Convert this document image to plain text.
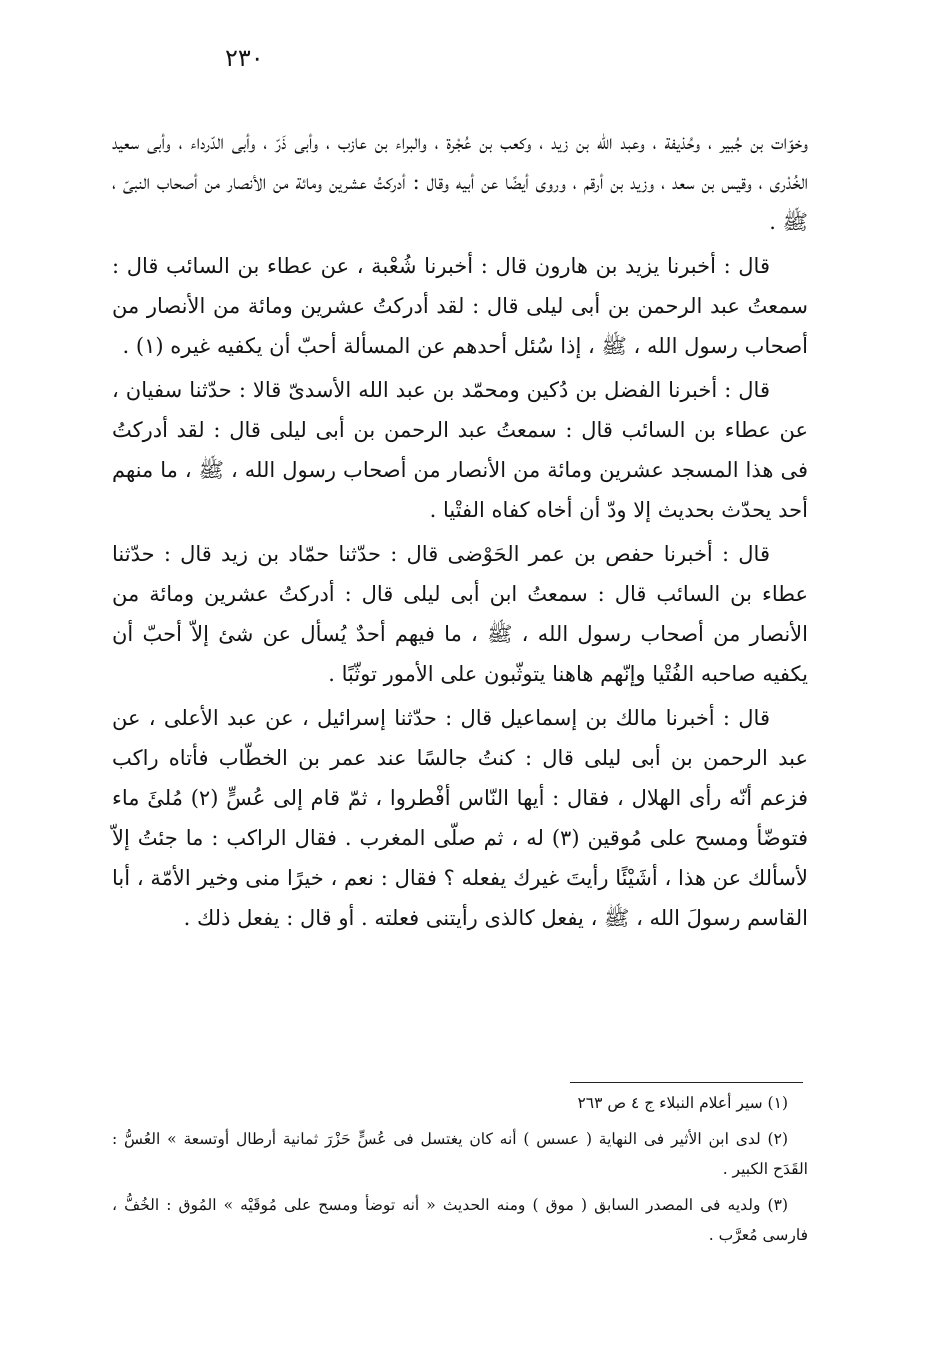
٢٣٠

وخوّات بن جُبير ، وحُذيفة ، وعبد الله بن زيد ، وكعب بن عُجْرة ، والبراء بن عازب ، وأبى ذَرّ ، وأبى الدّرداء ، وأبى سعيد الخُدْرى ، وقيس بن سعد ، وزيد بن أرقم ، وروى أيضًا عن أبيه وقال : أدركتُ عشرين ومائة من الأنصار من أصحاب النبىّ ، ﷺ .

قال : أخبرنا يزيد بن هارون قال : أخبرنا شُعْبة ، عن عطاء بن السائب قال : سمعتُ عبد الرحمن بن أبى ليلى قال : لقد أدركتُ عشرين ومائة من الأنصار من أصحاب رسول الله ، ﷺ ، إذا سُئل أحدهم عن المسألة أحبّ أن يكفيه غيره (١) .

قال : أخبرنا الفضل بن دُكين ومحمّد بن عبد الله الأسدىّ قالا : حدّثنا سفيان ، عن عطاء بن السائب قال : سمعتُ عبد الرحمن بن أبى ليلى قال : لقد أدركتُ فى هذا المسجد عشرين ومائة من الأنصار من أصحاب رسول الله ، ﷺ ، ما منهم أحد يحدّث بحديث إلا ودّ أن أخاه كفاه الفتْيا .

قال : أخبرنا حفص بن عمر الحَوْضى قال : حدّثنا حمّاد بن زيد قال : حدّثنا عطاء بن السائب قال : سمعتُ ابن أبى ليلى قال : أدركتُ عشرين ومائة من الأنصار من أصحاب رسول الله ، ﷺ ، ما فيهم أحدٌ يُسأل عن شئ إلاّ أحبّ أن يكفيه صاحبه الفُتْيا وإنّهم هاهنا يتوثّبون على الأمور توثّبًا .

قال : أخبرنا مالك بن إسماعيل قال : حدّثنا إسرائيل ، عن عبد الأعلى ، عن عبد الرحمن بن أبى ليلى قال : كنتُ جالسًا عند عمر بن الخطّاب فأتاه راكب فزعم أنّه رأى الهلال ، فقال : أيها النّاس أفْطروا ، ثمّ قام إلى عُسٍّ (٢) مُلئَ ماء فتوضّأ ومسح على مُوقين (٣) له ، ثم صلّى المغرب . فقال الراكب : ما جئتُ إلاّ لأسألك عن هذا ، أشَيْئًا رأيتَ غيرك يفعله ؟ فقال : نعم ، خيرًا منى وخير الأمّة ، أبا القاسم رسولَ الله ، ﷺ ، يفعل كالذى رأيتنى فعلته . أو قال : يفعل ذلك .

(١) سير أعلام النبلاء ج ٤ ص ٢٦٣

(٢) لدى ابن الأثير فى النهاية ( عسس ) أنه كان يغتسل فى عُسٍّ حَزْرَ ثمانية أرطال أوتسعة » العُسُّ : القَدَح الكبير .

(٣) ولديه فى المصدر السابق ( موق ) ومنه الحديث « أنه توضأ ومسح على مُوقَيْه » المُوق : الخُفُّ ، فارسى مُعرَّب .
